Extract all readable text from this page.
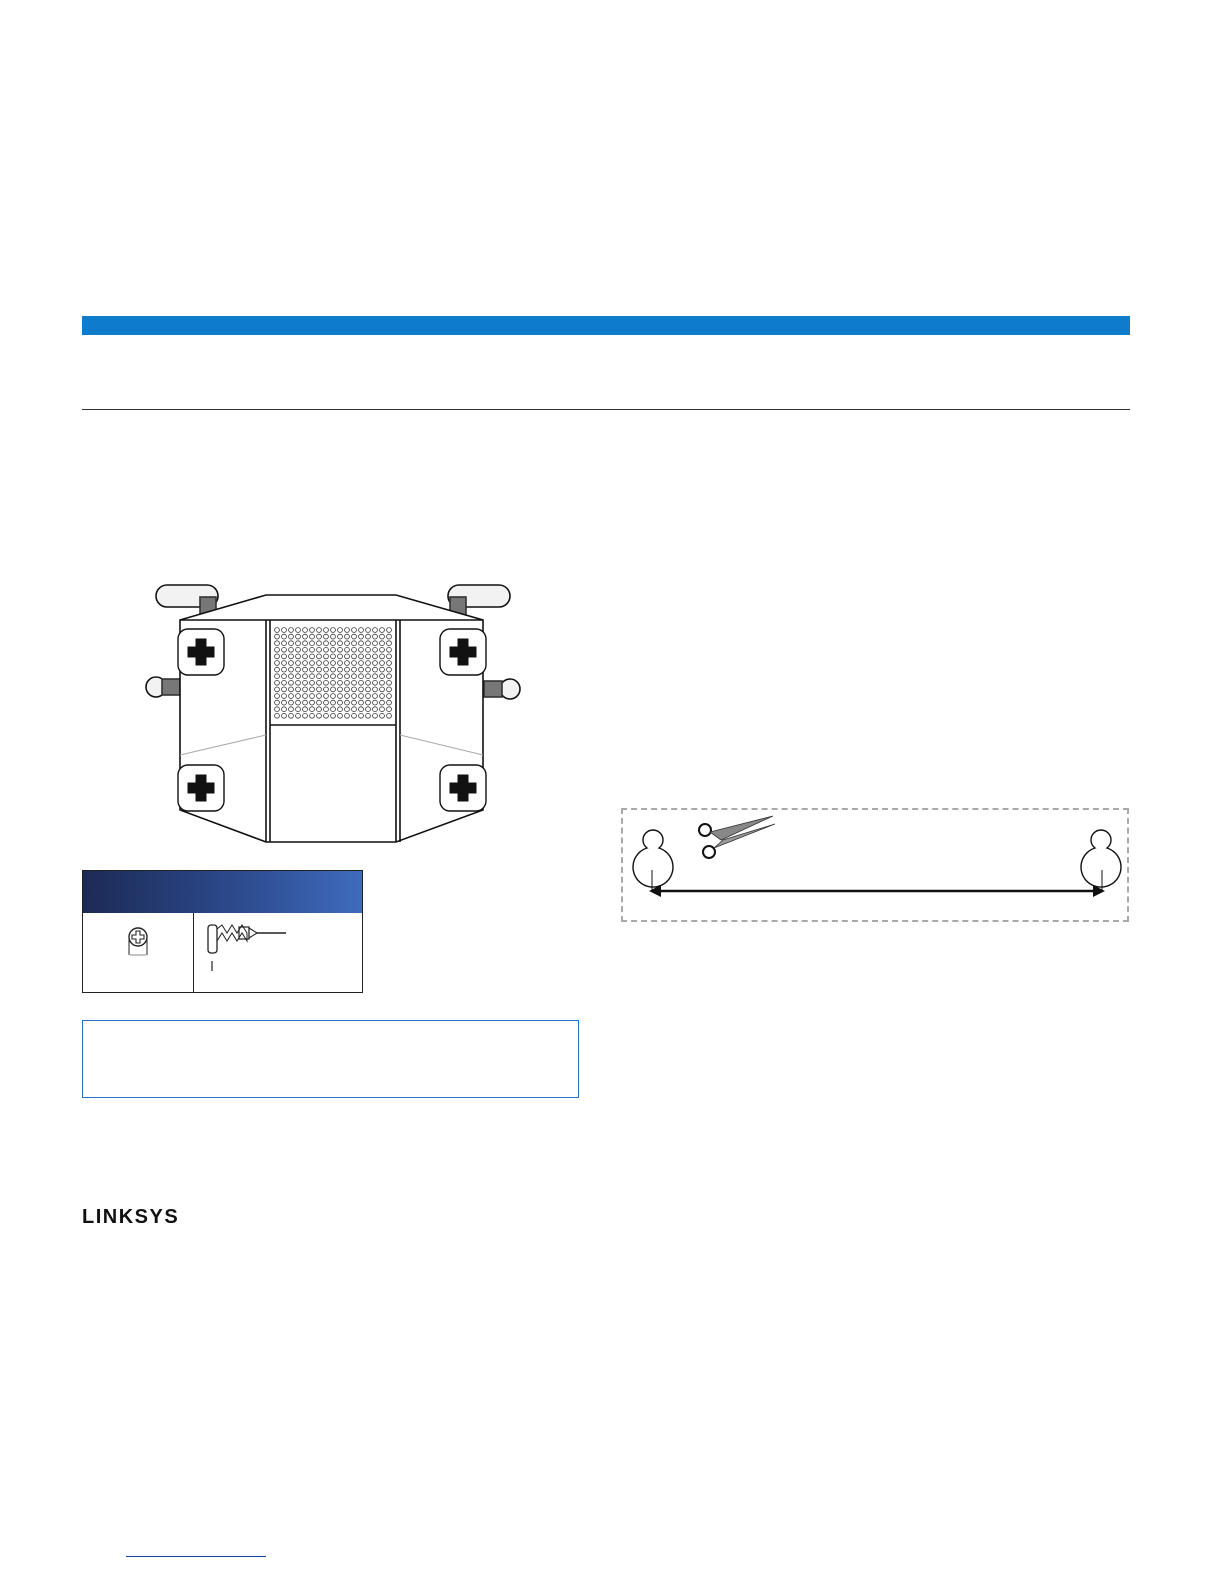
LINKSYS
